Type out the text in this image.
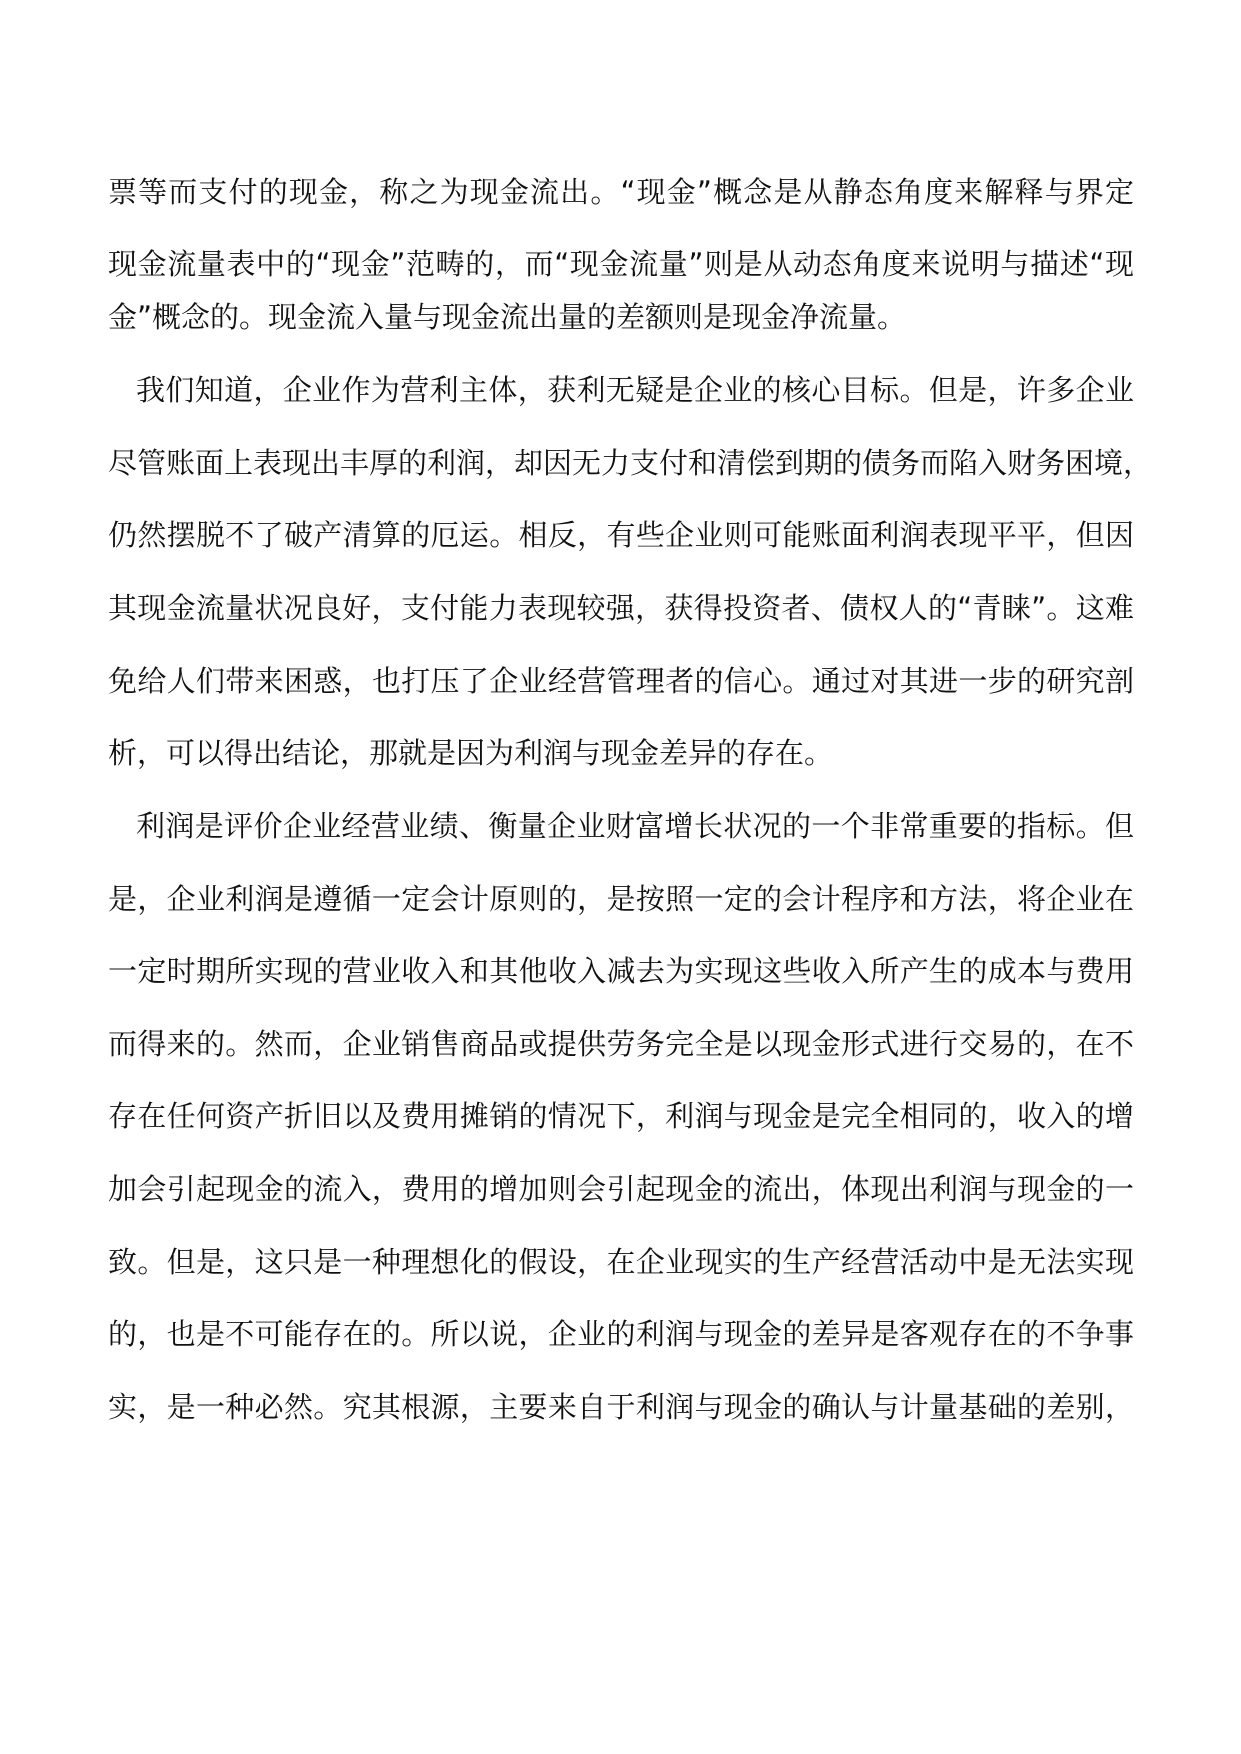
票等而支付的现金，称之为现金流出。“现金”概念是从静态角度来解释与界定
现金流量表中的“现金”范畴的，而“现金流量”则是从动态角度来说明与描述“现
金”概念的。现金流入量与现金流出量的差额则是现金净流量。
我们知道，企业作为营利主体，获利无疑是企业的核心目标。但是，许多企业
尽管账面上表现出丰厚的利润，却因无力支付和清偿到期的债务而陷入财务困境，
仍然摆脱不了破产清算的厄运。相反，有些企业则可能账面利润表现平平，但因
其现金流量状况良好，支付能力表现较强，获得投资者、债权人的“青睐”。这难
免给人们带来困惑，也打压了企业经营管理者的信心。通过对其进一步的研究剖
析，可以得出结论，那就是因为利润与现金差异的存在。
利润是评价企业经营业绩、衡量企业财富增长状况的一个非常重要的指标。但
是，企业利润是遵循一定会计原则的，是按照一定的会计程序和方法，将企业在
一定时期所实现的营业收入和其他收入减去为实现这些收入所产生的成本与费用
而得来的。然而，企业销售商品或提供劳务完全是以现金形式进行交易的，在不
存在任何资产折旧以及费用摊销的情况下，利润与现金是完全相同的，收入的增
加会引起现金的流入，费用的增加则会引起现金的流出，体现出利润与现金的一
致。但是，这只是一种理想化的假设，在企业现实的生产经营活动中是无法实现
的，也是不可能存在的。所以说，企业的利润与现金的差异是客观存在的不争事
实，是一种必然。究其根源，主要来自于利润与现金的确认与计量基础的差别，
